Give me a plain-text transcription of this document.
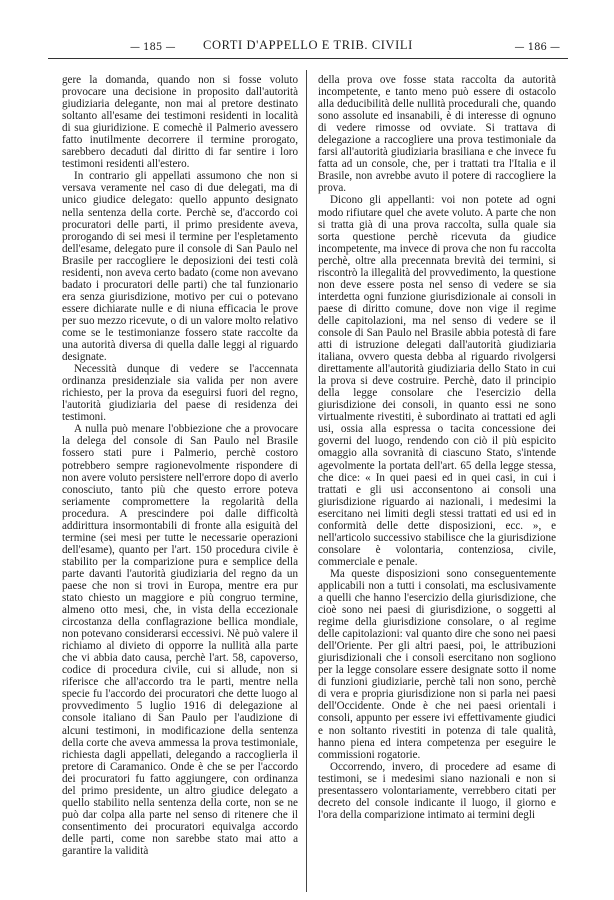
— 185 —	CORTI D'APPELLO E TRIB. CIVILI	— 186 —

gere la domanda, quando non si fosse voluto provocare una decisione in proposito dall'autorità giudiziaria delegante, non mai al pretore destinato soltanto all'esame dei testimoni residenti in località di sua giuridizione. E comechè il Palmerio avessero fatto inutilmente decorrere il termine prorogato, sarebbero decaduti dal diritto di far sentire i loro testimoni residenti all'estero.

In contrario gli appellati assumono che non si versava veramente nel caso di due delegati, ma di unico giudice delegato: quello appunto designato nella sentenza della corte. Perchè se, d'accordo coi procuratori delle parti, il primo presidente aveva, prorogando di sei mesi il termine per l'espletamento dell'esame, delegato pure il console di San Paulo nel Brasile per raccogliere le deposizioni dei testi colà residenti, non aveva certo badato (come non avevano badato i procuratori delle parti) che tal funzionario era senza giurisdizione, motivo per cui o potevano essere dichiarate nulle e di niuna efficacia le prove per suo mezzo ricevute, o di un valore molto relativo come se le testimonianze fossero state raccolte da una autorità diversa di quella dalle leggi al riguardo designate.

Necessità dunque di vedere se l'accennata ordinanza presidenziale sia valida per non avere richiesto, per la prova da eseguirsi fuori del regno, l'autorità giudiziaria del paese di residenza dei testimoni.

A nulla può menare l'obbiezione che a provocare la delega del console di San Paulo nel Brasile fossero stati pure i Palmerio, perchè costoro potrebbero sempre ragionevolmente rispondere di non avere voluto persistere nell'errore dopo di averlo conosciuto, tanto più che questo errore poteva seriamente compromettere la regolarità della procedura. A prescindere poi dalle difficoltà addirittura insormontabili di fronte alla esiguità del termine (sei mesi per tutte le necessarie operazioni dell'esame), quanto per l'art. 150 procedura civile è stabilito per la comparizione pura e semplice della parte davanti l'autorità giudiziaria del regno da un paese che non si trovi in Europa, mentre era pur stato chiesto un maggiore e più congruo termine, almeno otto mesi, che, in vista della eccezionale circostanza della conflagrazione bellica mondiale, non potevano considerarsi eccessivi. Nè può valere il richiamo al divieto di opporre la nullità alla parte che vi abbia dato causa, perchè l'art. 58, capoverso, codice di procedura civile, cui si allude, non si riferisce che all'accordo tra le parti, mentre nella specie fu l'accordo dei procuratori che dette luogo al provvedimento 5 luglio 1916 di delegazione al console italiano di San Paulo per l'audizione di alcuni testimoni, in modificazione della sentenza della corte che aveva ammessa la prova testimoniale, richiesta dagli appellati, delegando a raccoglierla il pretore di Caramanico. Onde è che se per l'accordo dei procuratori fu fatto aggiungere, con ordinanza del primo presidente, un altro giudice delegato a quello stabilito nella sentenza della corte, non se ne può dar colpa alla parte nel senso di ritenere che il consentimento dei procuratori equivalga accordo delle parti, come non sarebbe stato mai atto a garantire la validità

della prova ove fosse stata raccolta da autorità incompetente, e tanto meno può essere di ostacolo alla deducibilità delle nullità procedurali che, quando sono assolute ed insanabili, è di interesse di ognuno di vedere rimosse od ovviate. Si trattava di delegazione a raccogliere una prova testimoniale da farsi all'autorità giudiziaria brasiliana e che invece fu fatta ad un console, che, per i trattati tra l'Italia e il Brasile, non avrebbe avuto il potere di raccogliere la prova.

Dicono gli appellanti: voi non potete ad ogni modo rifiutare quel che avete voluto. A parte che non si tratta già di una prova raccolta, sulla quale sia sorta questione perchè ricevuta da giudice incompetente, ma invece di prova che non fu raccolta perchè, oltre alla precennata brevità dei termini, si riscontrò la illegalità del provvedimento, la questione non deve essere posta nel senso di vedere se sia interdetta ogni funzione giurisdizionale ai consoli in paese di diritto comune, dove non vige il regime delle capitolazioni, ma nel senso di vedere se il console di San Paulo nel Brasile abbia potestà di fare atti di istruzione delegati dall'autorità giudiziaria italiana, ovvero questa debba al riguardo rivolgersi direttamente all'autorità giudiziaria dello Stato in cui la prova si deve costruire. Perchè, dato il principio della legge consolare che l'esercizio della giurisdizione dei consoli, in quanto essi ne sono virtualmente rivestiti, è subordinato ai trattati ed agli usi, ossia alla espressa o tacita concessione dei governi del luogo, rendendo con ciò il più espicito omaggio alla sovranità di ciascuno Stato, s'intende agevolmente la portata dell'art. 65 della legge stessa, che dice: « In quei paesi ed in quei casi, in cui i trattati e gli usi acconsentono ai consoli una giurisdizione riguardo ai nazionali, i medesimi la esercitano nei limiti degli stessi trattati ed usi ed in conformità delle dette disposizioni, ecc. », e nell'articolo successivo stabilisce che la giurisdizione consolare è volontaria, contenziosa, civile, commerciale e penale.

Ma queste disposizioni sono conseguentemente applicabili non a tutti i consolati, ma esclusivamente a quelli che hanno l'esercizio della giurisdizione, che cioè sono nei paesi di giurisdizione, o soggetti al regime della giurisdizione consolare, o al regime delle capitolazioni: val quanto dire che sono nei paesi dell'Oriente. Per gli altri paesi, poi, le attribuzioni giurisdizionali che i consoli esercitano non sogliono per la legge consolare essere designate sotto il nome di funzioni giudiziarie, perchè tali non sono, perchè di vera e propria giurisdizione non si parla nei paesi dell'Occidente. Onde è che nei paesi orientali i consoli, appunto per essere ivi effettivamente giudici e non soltanto rivestiti in potenza di tale qualità, hanno piena ed intera competenza per eseguire le commissioni rogatorie.

Occorrendo, invero, di procedere ad esame di testimoni, se i medesimi siano nazionali e non si presentassero volontariamente, verrebbero citati per decreto del console indicante il luogo, il giorno e l'ora della comparizione intimato ai termini degli
